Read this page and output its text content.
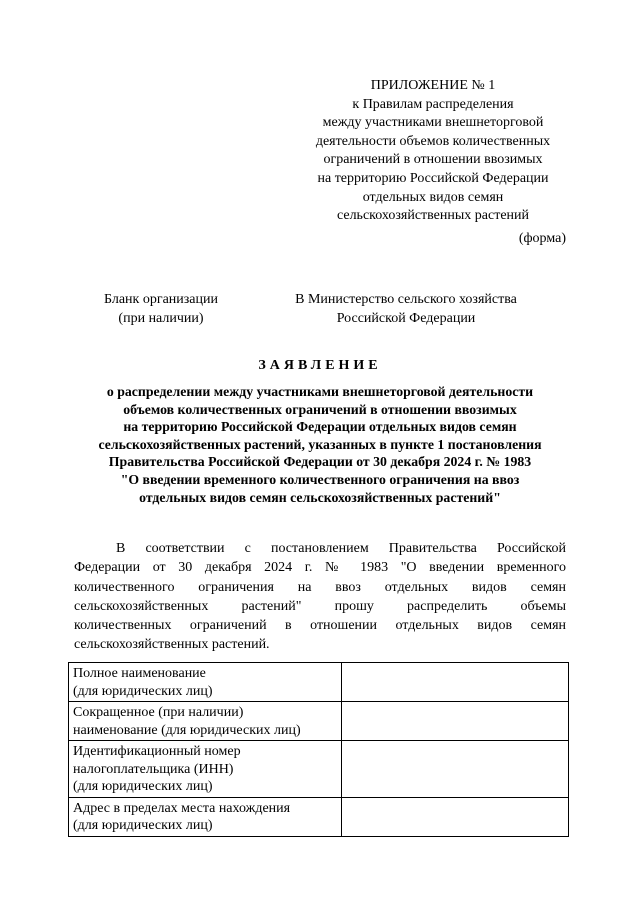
ПРИЛОЖЕНИЕ № 1
к Правилам распределения
между участниками внешнеторговой
деятельности объемов количественных
ограничений в отношении ввозимых
на территорию Российской Федерации
отдельных видов семян
сельскохозяйственных растений
(форма)
Бланк организации
(при наличии)
В Министерство сельского хозяйства
Российской Федерации
ЗАЯВЛЕНИЕ
о распределении между участниками внешнеторговой деятельности
объемов количественных ограничений в отношении ввозимых
на территорию Российской Федерации отдельных видов семян
сельскохозяйственных растений, указанных в пункте 1 постановления
Правительства Российской Федерации от 30 декабря 2024 г. № 1983
"О введении временного количественного ограничения на ввоз
отдельных видов семян сельскохозяйственных растений"
В соответствии с постановлением Правительства Российской
Федерации от 30 декабря 2024 г. № 1983 "О введении временного
количественного ограничения на ввоз отдельных видов семян
сельскохозяйственных растений" прошу распределить объемы
количественных ограничений в отношении отдельных видов семян
сельскохозяйственных растений.
Полное наименование
(для юридических лиц)	

Сокращенное (при наличии)
наименование (для юридических лиц)	

Идентификационный номер
налогоплательщика (ИНН)
(для юридических лиц)	

Адрес в пределах места нахождения
(для юридических лиц)	
